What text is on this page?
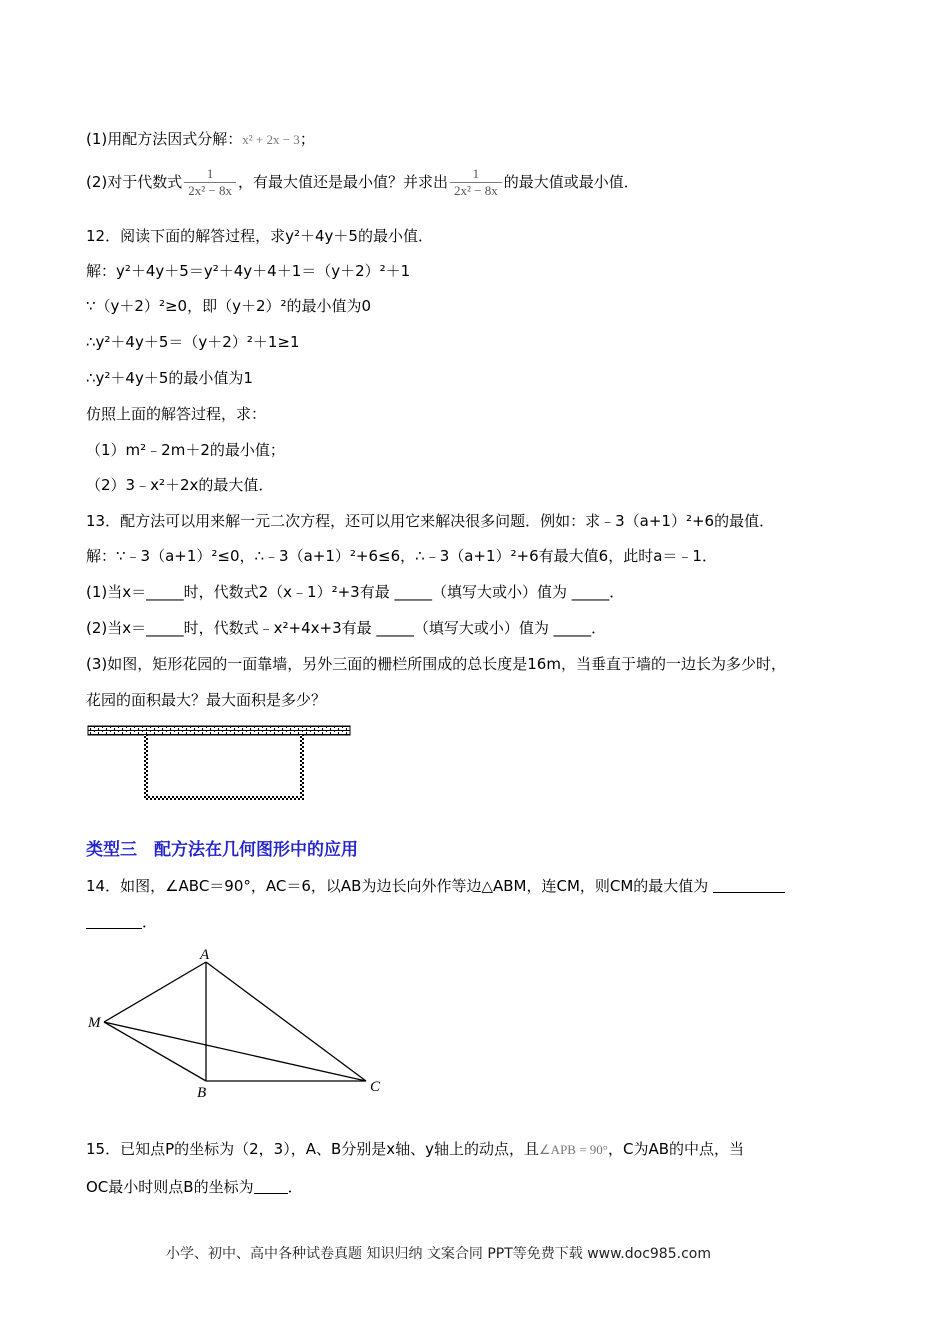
(1)用配方法因式分解：x² + 2x − 3；
(2)对于代数式 $\frac{1}{\text{2x² − 8x}}$ ，有最大值还是最小值？并求出 $\frac{1}{\text{2x² − 8x}}$ 的最大值或最小值．
12．阅读下面的解答过程，求y²＋4y＋5的最小值．
解：y²＋4y＋5＝y²＋4y＋4＋1＝（y＋2）²＋1
∵（y＋2）²≥0，即（y＋2）²的最小值为0
∴y²＋4y＋5＝（y＋2）²＋1≥1
∴y²＋4y＋5的最小值为1
仿照上面的解答过程，求：
（1）m²﹣2m＋2的最小值；
（2）3﹣x²＋2x的最大值．
13．配方法可以用来解一元二次方程，还可以用它来解决很多问题．例如：求﹣3（a+1）²+6的最值．
解：∵﹣3（a+1）²≤0，∴﹣3（a+1）²+6≤6，∴﹣3（a+1）²+6有最大值6，此时a＝﹣1．
(1)当x＝_____时，代数式2（x﹣1）²+3有最 _____（填写大或小）值为 _____．
(2)当x＝_____时，代数式﹣x²+4x+3有最 _____（填写大或小）值为 _____．
(3)如图，矩形花园的一面靠墙，另外三面的栅栏所围成的总长度是16m，当垂直于墙的一边长为多少时，
花园的面积最大？最大面积是多少？
类型三　配方法在几何图形中的应用
14．如图，∠ABC＝90°，AC＝6，以AB为边长向外作等边△ABM，连CM，则CM的最大值为
．
A
M
B	C
15．已知点P的坐标为（2，3），A、B分别是x轴、y轴上的动点，且∠APB = 90°，C为AB的中点，当
OC最小时则点B的坐标为 ．
小学、初中、高中各种试卷真题 知识归纳 文案合同 PPT等免费下载 www.doc985.com
